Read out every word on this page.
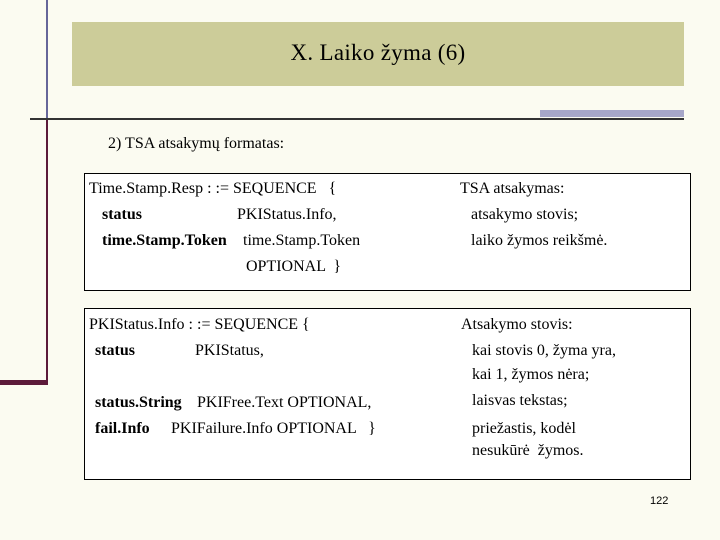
X. Laiko žyma (6)
2) TSA atsakymų formatas:
Time.Stamp.Resp : := SEQUENCE   {
status	PKIStatus.Info,
time.Stamp.Token time.Stamp.Token
OPTIONAL  }
TSA atsakymas:
atsakymo stovis;
laiko žymos reikšmė.
PKIStatus.Info : := SEQUENCE {
status	PKIStatus,
status.String PKIFree.Text OPTIONAL,
fail.Info PKIFailure.Info OPTIONAL   }
Atsakymo stovis:
kai stovis 0, žyma yra,
kai 1, žymos nėra;
laisvas tekstas;
priežastis, kodėl
nesukūrė  žymos.
122
